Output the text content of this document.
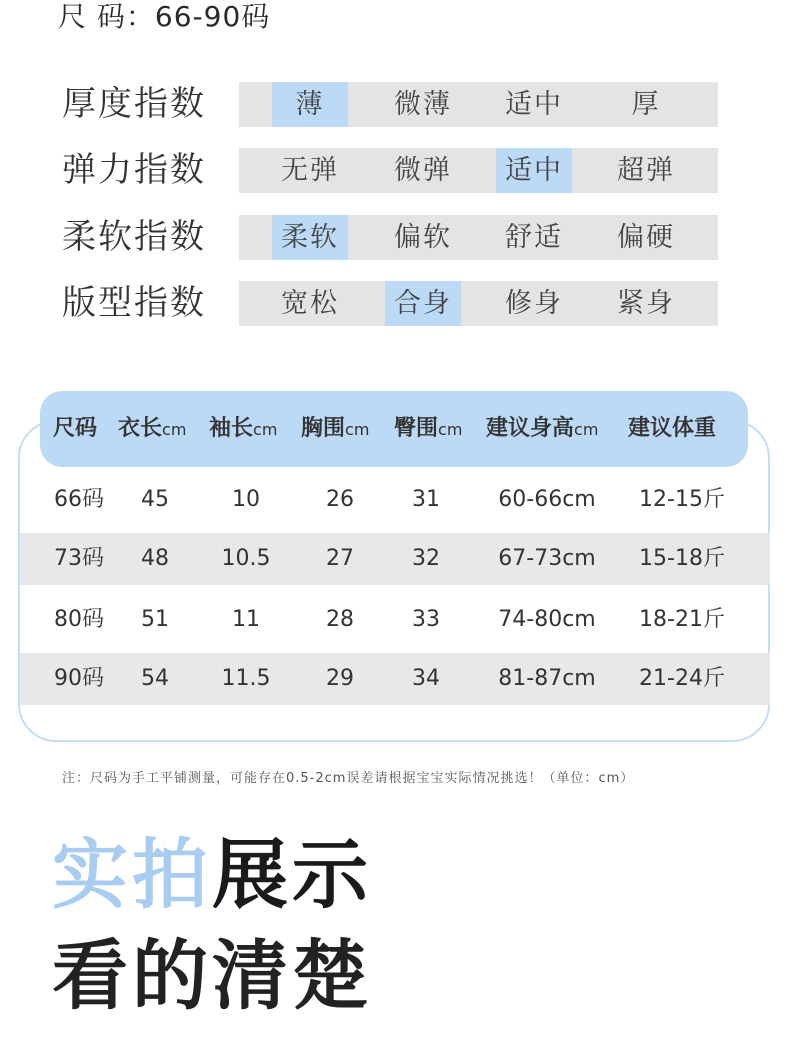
尺 码：66-90码
厚度指数	薄	微薄	适中	厚
弹力指数	无弹	微弹	适中	超弹
柔软指数	柔软	偏软	舒适	偏硬
版型指数	宽松	合身	修身	紧身
尺码 衣长cm 袖长cm 胸围cm 臀围cm 建议身高cm 建议体重
66码	45	10	26	31	60-66cm	12-15斤
73码	48	10.5	27	32	67-73cm	15-18斤
80码	51	11	28	33	74-80cm	18-21斤
90码	54	11.5	29	34	81-87cm	21-24斤
注：尺码为手工平铺测量，可能存在0.5-2cm误差请根据宝宝实际情况挑选！（单位：cm）
实拍展示
看的清楚
